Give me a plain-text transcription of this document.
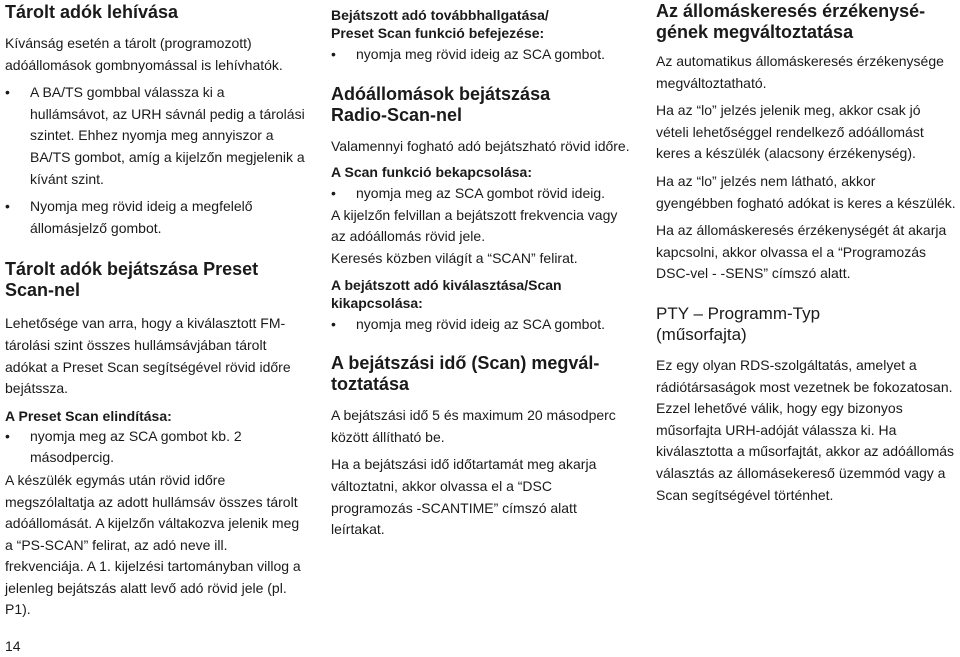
Tárolt adók lehívása

Kívánság esetén a tárolt (programozott) adóállomások gombnyomással is lehívhatók.

• A BA/TS gombbal válassza ki a hullámsávot, az URH sávnál pedig a tárolási szintet. Ehhez nyomja meg annyiszor a BA/TS gombot, amíg a kijelzőn megjelenik a kívánt szint.
• Nyomja meg rövid ideig a megfelelő állomásjelző gombot.
Tárolt adók bejátszása Preset
Scan-nel

Lehetősége van arra, hogy a kiválasztott FM-tárolási szint összes hullámsávjában tárolt adókat a Preset Scan segítségével rövid időre bejátssza.

A Preset Scan elindítása:

• nyomja meg az SCA gombot kb. 2 másodpercig.

A készülék egymás után rövid időre megszólaltatja az adott hullámsáv összes tárolt adóállomását. A kijelzőn váltakozva jelenik meg a “PS-SCAN” felirat, az adó neve ill. frekvenciája. A 1. kijelzési tartományban villog a jelenleg bejátszás alatt levő adó rövid jele (pl. P1).

Bejátszott adó továbbhallgatása/
Preset Scan funkció befejezése:

• nyomja meg rövid ideig az SCA gombot.
Adóállomások bejátszása
Radio-Scan-nel

Valamennyi fogható adó bejátszható rövid időre.

A Scan funkció bekapcsolása:

• nyomja meg az SCA gombot rövid ideig.

A kijelzőn felvillan a bejátszott frekvencia vagy az adóállomás rövid jele.

Keresés közben világít a “SCAN” felirat.

A bejátszott adó kiválasztása/Scan
kikapcsolása:

• nyomja meg rövid ideig az SCA gombot.
A bejátszási idő (Scan) megvál-
toztatása

A bejátszási idő 5 és maximum 20 másodperc között állítható be.

Ha a bejátszási idő időtartamát meg akarja változtatni, akkor olvassa el a “DSC programozás -SCANTIME” címszó alatt leírtakat.

Az állomáskeresés érzékenysé-
gének megváltoztatása

Az automatikus állomáskeresés érzékenysége megváltoztatható.

Ha az “lo” jelzés jelenik meg, akkor csak jó vételi lehetőséggel rendelkező adóállomást keres a készülék (alacsony érzékenység).

Ha az “lo” jelzés nem látható, akkor gyengébben fogható adókat is keres a készülék.

Ha az állomáskeresés érzékenységét át akarja kapcsolni, akkor olvassa el a “Programozás DSC-vel - -SENS” címszó alatt.

PTY – Programm-Typ
(műsorfajta)

Ez egy olyan RDS-szolgáltatás, amelyet a rádiótársaságok most vezetnek be fokozatosan. Ezzel lehetővé válik, hogy egy bizonyos műsorfajta URH-adóját válassza ki. Ha kiválasztotta a műsorfajtát, akkor az adóállomás választás az állomásekereső üzemmód vagy a Scan segítségével történhet.

14
